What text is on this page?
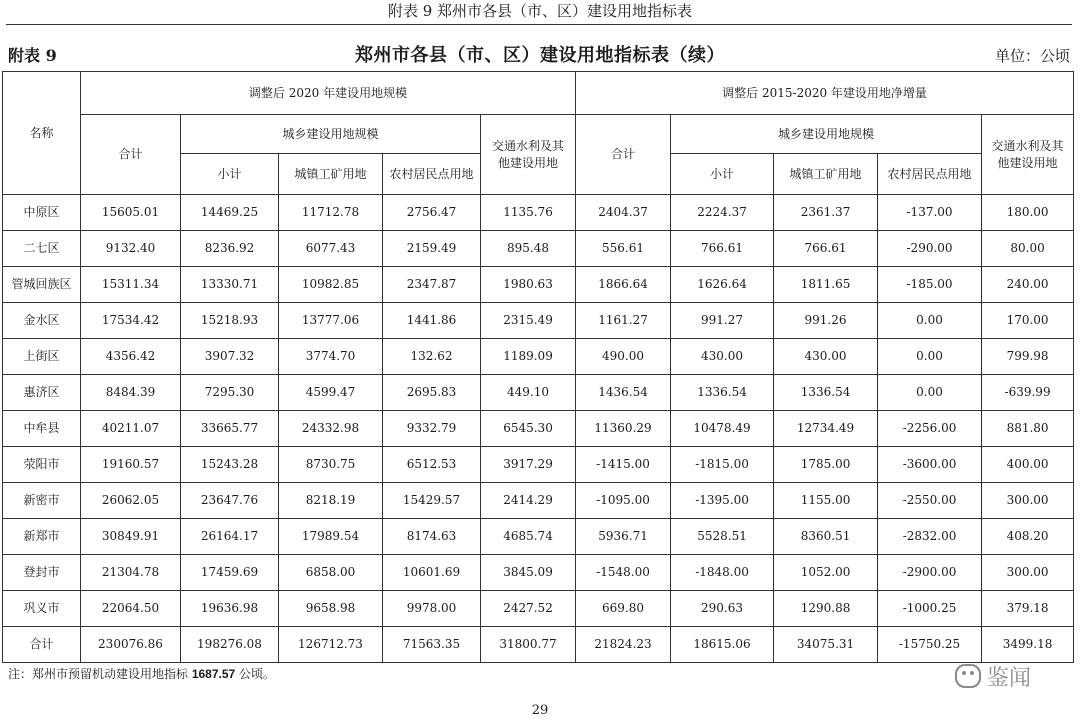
附表 9 郑州市各县（市、区）建设用地指标表
郑州市各县（市、区）建设用地指标表（续）
附表 9	单位：公顷
名称	调整后 2020 年建设用地规模					调整后 2015-2020 年建设用地净增量				
	合计	城乡建设用地规模			交通水利及其他建设用地	合计	城乡建设用地规模			交通水利及其他建设用地
		小计	城镇工矿用地	农村居民点用地			小计	城镇工矿用地	农村居民点用地	
中原区	15605.01	14469.25	11712.78	2756.47	1135.76	2404.37	2224.37	2361.37	-137.00	180.00
二七区	9132.40	8236.92	6077.43	2159.49	895.48	556.61	766.61	766.61	-290.00	80.00
管城回族区	15311.34	13330.71	10982.85	2347.87	1980.63	1866.64	1626.64	1811.65	-185.00	240.00
金水区	17534.42	15218.93	13777.06	1441.86	2315.49	1161.27	991.27	991.26	0.00	170.00
上街区	4356.42	3907.32	3774.70	132.62	1189.09	490.00	430.00	430.00	0.00	799.98
惠济区	8484.39	7295.30	4599.47	2695.83	449.10	1436.54	1336.54	1336.54	0.00	-639.99
中牟县	40211.07	33665.77	24332.98	9332.79	6545.30	11360.29	10478.49	12734.49	-2256.00	881.80
荥阳市	19160.57	15243.28	8730.75	6512.53	3917.29	-1415.00	-1815.00	1785.00	-3600.00	400.00
新密市	26062.05	23647.76	8218.19	15429.57	2414.29	-1095.00	-1395.00	1155.00	-2550.00	300.00
新郑市	30849.91	26164.17	17989.54	8174.63	4685.74	5936.71	5528.51	8360.51	-2832.00	408.20
登封市	21304.78	17459.69	6858.00	10601.69	3845.09	-1548.00	-1848.00	1052.00	-2900.00	300.00
巩义市	22064.50	19636.98	9658.98	9978.00	2427.52	669.80	290.63	1290.88	-1000.25	379.18
合计	230076.86	198276.08	126712.73	71563.35	31800.77	21824.23	18615.06	34075.31	-15750.25	3499.18
注：郑州市预留机动建设用地指标 1687.57 公顷。	鉴闻
29
